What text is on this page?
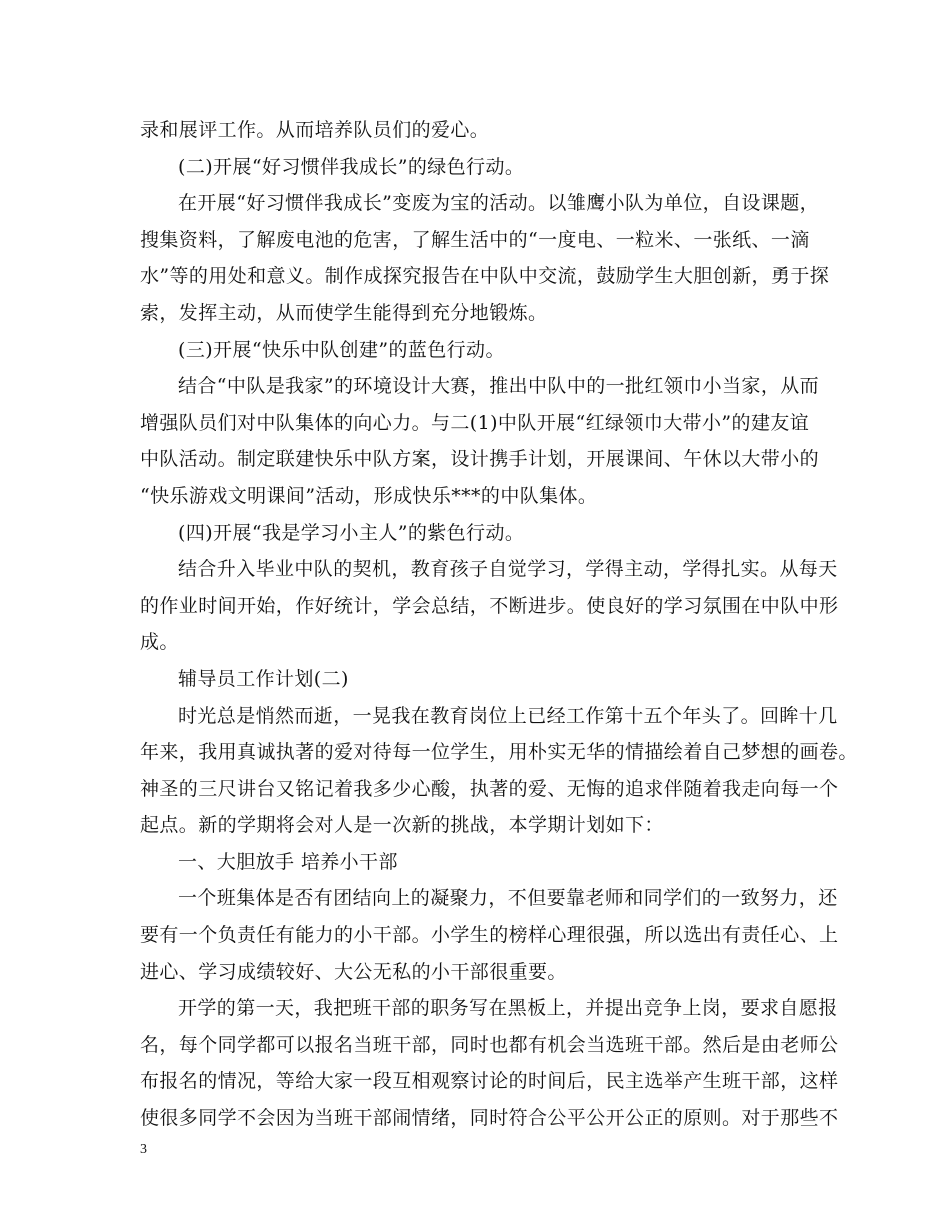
录和展评工作。从而培养队员们的爱心。
(二)开展“好习惯伴我成长”的绿色行动。
在开展“好习惯伴我成长”变废为宝的活动。以雏鹰小队为单位，自设课题，
搜集资料，了解废电池的危害，了解生活中的“一度电、一粒米、一张纸、一滴
水”等的用处和意义。制作成探究报告在中队中交流，鼓励学生大胆创新，勇于探
索，发挥主动，从而使学生能得到充分地锻炼。
(三)开展“快乐中队创建”的蓝色行动。
结合“中队是我家”的环境设计大赛，推出中队中的一批红领巾小当家，从而
增强队员们对中队集体的向心力。与二(1)中队开展“红绿领巾大带小”的建友谊
中队活动。制定联建快乐中队方案，设计携手计划，开展课间、午休以大带小的
“快乐游戏文明课间”活动，形成快乐***的中队集体。
(四)开展“我是学习小主人”的紫色行动。
结合升入毕业中队的契机，教育孩子自觉学习，学得主动，学得扎实。从每天
的作业时间开始，作好统计，学会总结，不断进步。使良好的学习氛围在中队中形
成。
辅导员工作计划(二)
时光总是悄然而逝，一晃我在教育岗位上已经工作第十五个年头了。回眸十几
年来，我用真诚执著的爱对待每一位学生，用朴实无华的情描绘着自己梦想的画卷。
神圣的三尺讲台又铭记着我多少心酸，执著的爱、无悔的追求伴随着我走向每一个
起点。新的学期将会对人是一次新的挑战，本学期计划如下：
一、大胆放手 培养小干部
一个班集体是否有团结向上的凝聚力，不但要靠老师和同学们的一致努力，还
要有一个负责任有能力的小干部。小学生的榜样心理很强，所以选出有责任心、上
进心、学习成绩较好、大公无私的小干部很重要。
开学的第一天，我把班干部的职务写在黑板上，并提出竞争上岗，要求自愿报
名，每个同学都可以报名当班干部，同时也都有机会当选班干部。然后是由老师公
布报名的情况，等给大家一段互相观察讨论的时间后，民主选举产生班干部，这样
使很多同学不会因为当班干部闹情绪，同时符合公平公开公正的原则。对于那些不
3
